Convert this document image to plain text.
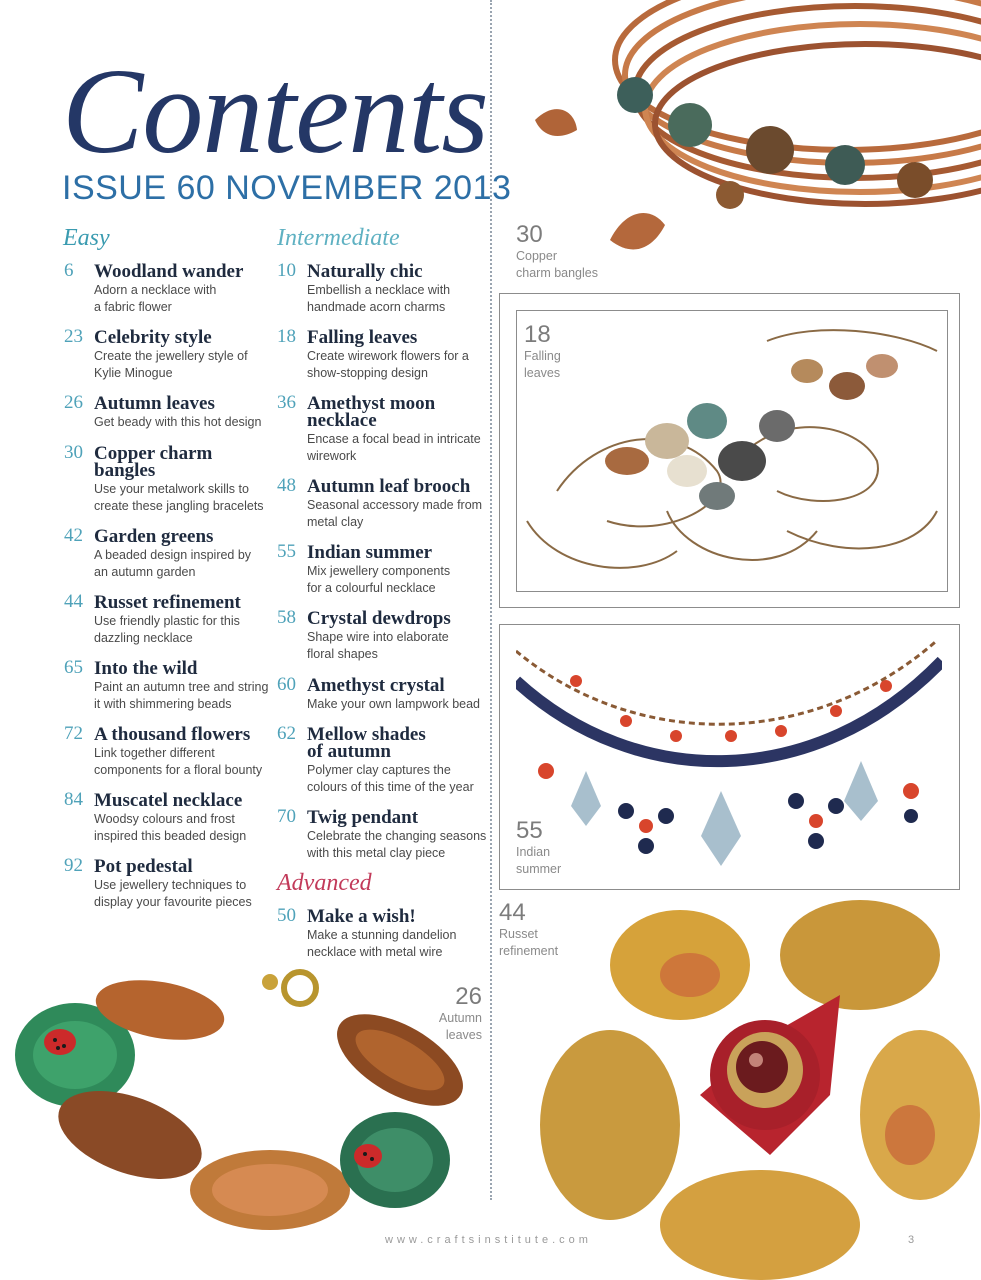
Contents
ISSUE 60 NOVEMBER 2013
Easy	Intermediate
Advanced
6 Woodland wander
Adorn a necklace with
a fabric flower
23 Celebrity style
Create the jewellery style of
Kylie Minogue
26 Autumn leaves
Get beady with this hot design
30 Copper charm
bangles
Use your metalwork skills to
create these jangling bracelets
42 Garden greens
A beaded design inspired by
an autumn garden
44 Russet refinement
Use friendly plastic for this
dazzling necklace
65 Into the wild
Paint an autumn tree and string
it with shimmering beads
72 A thousand flowers
Link together different
components for a floral bounty
84 Muscatel necklace
Woodsy colours and frost
inspired this beaded design
92 Pot pedestal
Use jewellery techniques to
display your favourite pieces
10 Naturally chic
Embellish a necklace with
handmade acorn charms
18 Falling leaves
Create wirework flowers for a
show-stopping design
36 Amethyst moon
necklace
Encase a focal bead in intricate
wirework
48 Autumn leaf brooch
Seasonal accessory made from
metal clay
55 Indian summer
Mix jewellery components
for a colourful necklace
58 Crystal dewdrops
Shape wire into elaborate
floral shapes
60 Amethyst crystal
Make your own lampwork bead
62 Mellow shades
of autumn
Polymer clay captures the
colours of this time of the year
70 Twig pendant
Celebrate the changing seasons
with this metal clay piece
50 Make a wish!
Make a stunning dandelion
necklace with metal wire
30
Copper
charm bangles
18
Falling
leaves
55
Indian
summer
44
Russet
refinement
26
Autumn
leaves
www.craftsinstitute.com	3
